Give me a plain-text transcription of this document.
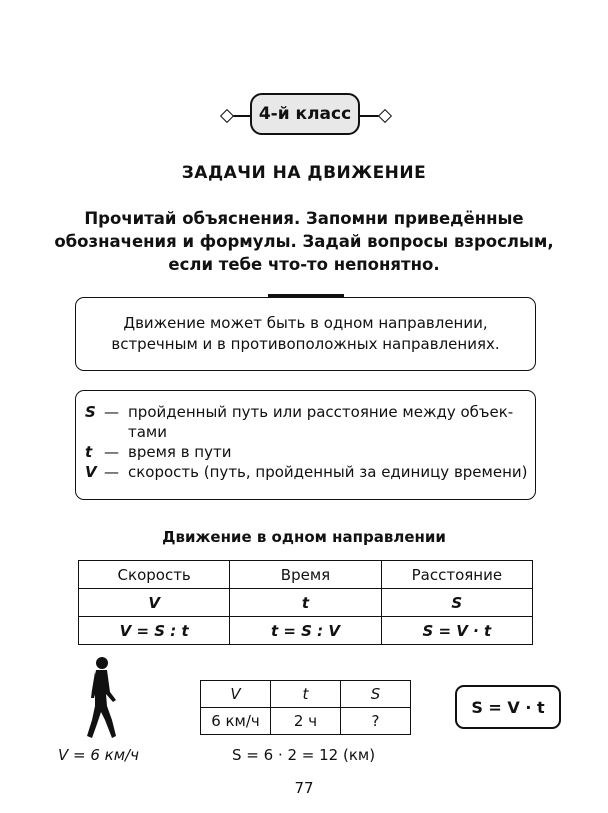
4-й класс
ЗАДАЧИ НА ДВИЖЕНИЕ
Прочитай объяснения. Запомни приведённые
обозначения и формулы. Задай вопросы взрослым,
если тебе что-то непонятно.
Движение может быть в одном направлении,
встречным и в противоположных направлениях.
S — пройденный путь или расстояние между объек-
тами
t — время в пути
V — скорость (путь, пройденный за единицу времени)
Движение в одном направлении
Скорость	Время	Расстояние
V	t	S
V = S : t	t = S : V	S = V · t
V	t	S
6 км/ч	2 ч	?
S = V · t
V = 6 км/ч	S = 6 · 2 = 12 (км)
77
